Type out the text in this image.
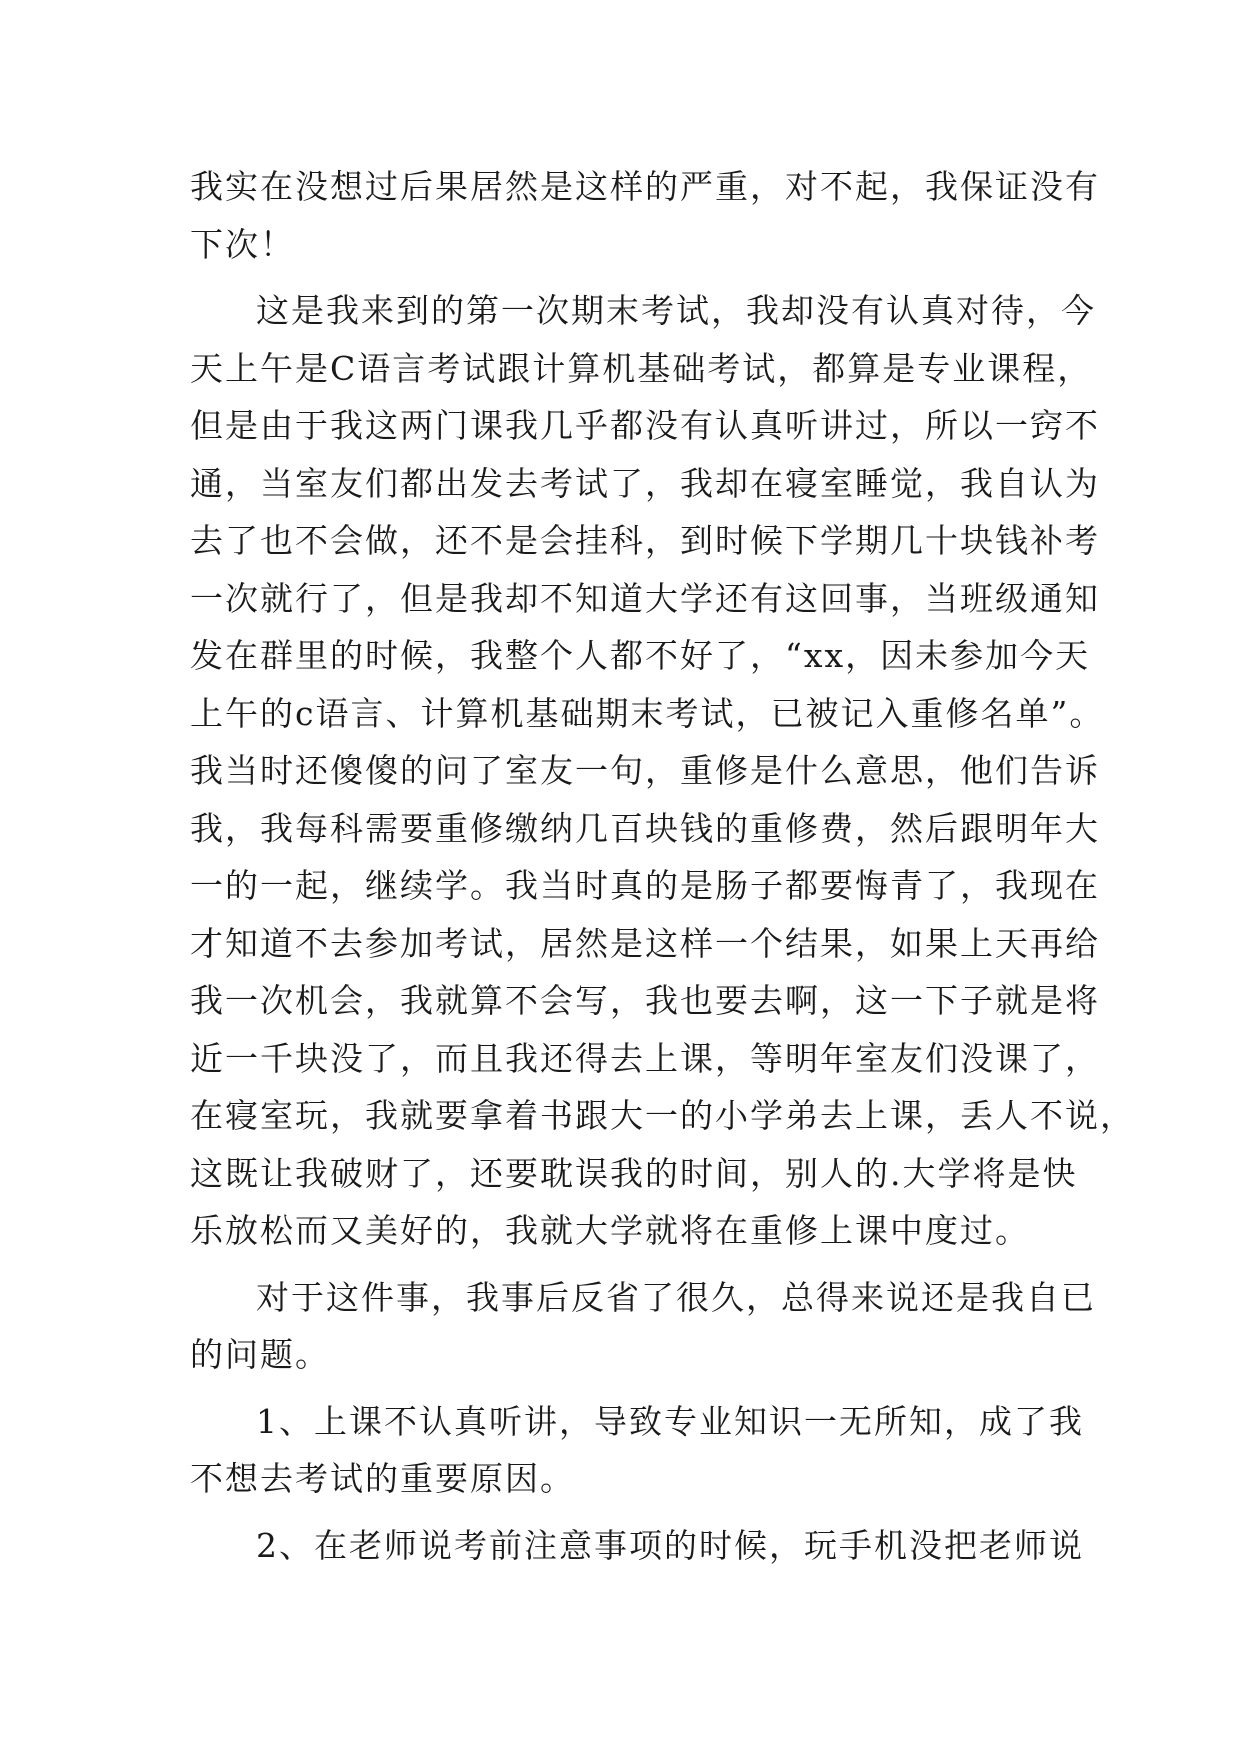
我实在没想过后果居然是这样的严重，对不起，我保证没有
下次！
这是我来到的第一次期末考试，我却没有认真对待，今
天上午是C语言考试跟计算机基础考试，都算是专业课程，
但是由于我这两门课我几乎都没有认真听讲过，所以一窍不
通，当室友们都出发去考试了，我却在寝室睡觉，我自认为
去了也不会做，还不是会挂科，到时候下学期几十块钱补考
一次就行了，但是我却不知道大学还有这回事，当班级通知
发在群里的时候，我整个人都不好了，“xx，因未参加今天
上午的c语言、计算机基础期末考试，已被记入重修名单”。
我当时还傻傻的问了室友一句，重修是什么意思，他们告诉
我，我每科需要重修缴纳几百块钱的重修费，然后跟明年大
一的一起，继续学。我当时真的是肠子都要悔青了，我现在
才知道不去参加考试，居然是这样一个结果，如果上天再给
我一次机会，我就算不会写，我也要去啊，这一下子就是将
近一千块没了，而且我还得去上课，等明年室友们没课了，
在寝室玩，我就要拿着书跟大一的小学弟去上课，丢人不说，
这既让我破财了，还要耽误我的时间，别人的.大学将是快
乐放松而又美好的，我就大学就将在重修上课中度过。
对于这件事，我事后反省了很久，总得来说还是我自已
的问题。
1、上课不认真听讲，导致专业知识一无所知，成了我
不想去考试的重要原因。
2、在老师说考前注意事项的时候，玩手机没把老师说
